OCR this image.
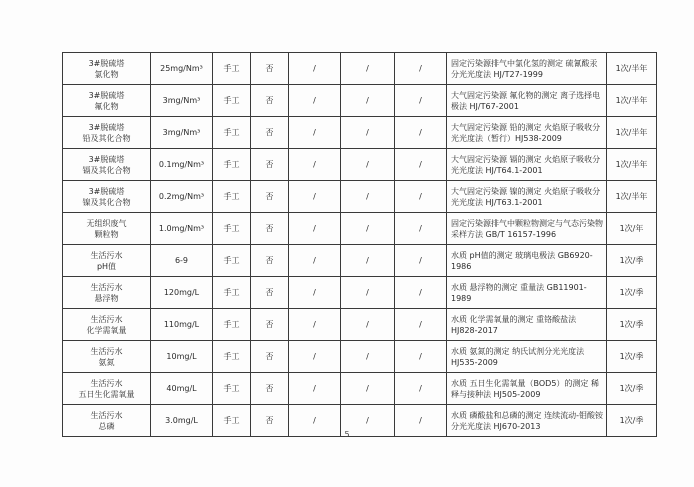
3#脱硫塔
氯化物	25mg/Nm³	手工	否	/	/	/	固定污染源排气中氯化氢的测定 硫氰酸汞分光光度法 HJ/T27-1999	1次/半年

3#脱硫塔
氟化物	3mg/Nm³	手工	否	/	/	/	大气固定污染源 氟化物的测定 离子选择电极法 HJ/T67-2001	1次/半年

3#脱硫塔
铅及其化合物	3mg/Nm³	手工	否	/	/	/	大气固定污染源 铅的测定 火焰原子吸收分光光度法（暂行）HJ538-2009	1次/半年

3#脱硫塔
镉及其化合物	0.1mg/Nm³	手工	否	/	/	/	大气固定污染源 镉的测定 火焰原子吸收分光光度法 HJ/T64.1-2001	1次/半年

3#脱硫塔
镍及其化合物	0.2mg/Nm³	手工	否	/	/	/	大气固定污染源 镍的测定 火焰原子吸收分光光度法 HJ/T63.1-2001	1次/半年

无组织废气
颗粒物	1.0mg/Nm³	手工	否	/	/	/	固定污染源排气中颗粒物测定与气态污染物采样方法 GB/T 16157-1996	1次/年

生活污水
pH值	6-9	手工	否	/	/	/	水质 pH值的测定 玻璃电极法 GB6920-1986	1次/季

生活污水
悬浮物	120mg/L	手工	否	/	/	/	水质 悬浮物的测定 重量法 GB11901-1989	1次/季

生活污水
化学需氧量	110mg/L	手工	否	/	/	/	水质 化学需氧量的测定 重铬酸盐法 HJ828-2017	1次/季

生活污水
氨氮	10mg/L	手工	否	/	/	/	水质 氨氮的测定 纳氏试剂分光光度法 HJ535-2009	1次/季

生活污水
五日生化需氧量	40mg/L	手工	否	/	/	/	水质 五日生化需氧量（BOD5）的测定 稀释与接种法 HJ505-2009	1次/季

生活污水
总磷	3.0mg/L	手工	否	/	/	/	水质 磷酸盐和总磷的测定 连续流动-钼酸铵分光光度法 HJ670-2013	1次/季
5
